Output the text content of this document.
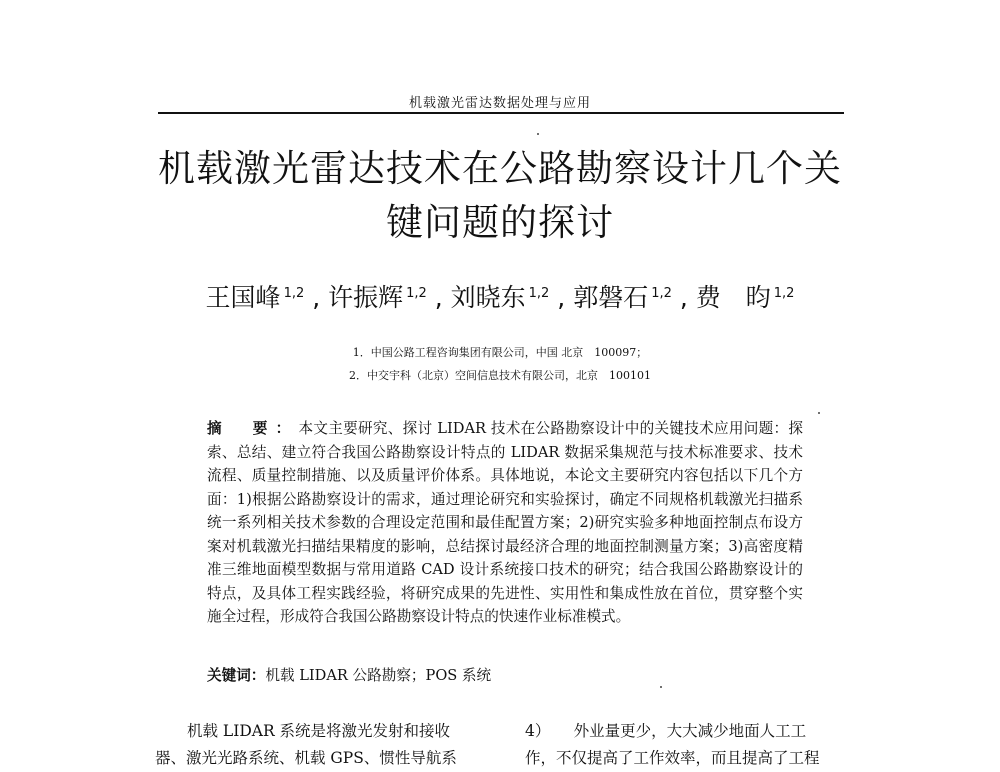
机载激光雷达数据处理与应用
机载激光雷达技术在公路勘察设计几个关
键问题的探讨
王国峰 $^{1,2}$ , 许振辉 $^{1,2}$ , 刘晓东 $^{1,2}$ , 郭磐石 $^{1,2}$ , 费　昀 $^{1,2}$
1．中国公路工程咨询集团有限公司，中国 北京　100097；
2．中交宇科（北京）空间信息技术有限公司，北京　100101
摘　要：本文主要研究、探讨 LIDAR 技术在公路勘察设计中的关键技术应用问题：探索、总结、建立符合我国公路勘察设计特点的 LIDAR 数据采集规范与技术标准要求、技术流程、质量控制措施、以及质量评价体系。具体地说，本论文主要研究内容包括以下几个方面：1)根据公路勘察设计的需求，通过理论研究和实验探讨，确定不同规格机载激光扫描系统一系列相关技术参数的合理设定范围和最佳配置方案；2)研究实验多种地面控制点布设方案对机载激光扫描结果精度的影响，总结探讨最经济合理的地面控制测量方案；3)高密度精准三维地面模型数据与常用道路 CAD 设计系统接口技术的研究；结合我国公路勘察设计的特点，及具体工程实践经验，将研究成果的先进性、实用性和集成性放在首位，贯穿整个实施全过程，形成符合我国公路勘察设计特点的快速作业标准模式。
关键词：机载 LIDAR 公路勘察；POS 系统
机载 LIDAR 系统是将激光发射和接收
器、激光光路系统、机载 GPS、惯性导航系
4）　　外业量更少，大大减少地面人工工
作，不仅提高了工作效率，而且提高了工程
